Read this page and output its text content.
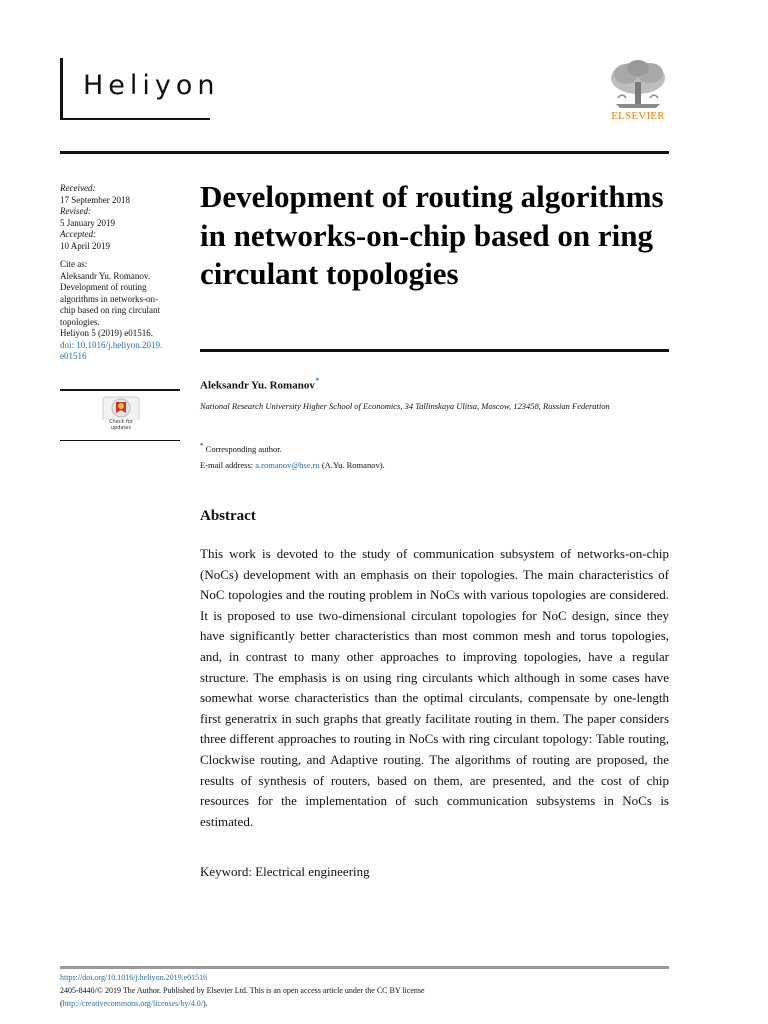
Heliyon
ELSEVIER
Received:
17 September 2018
Revised:
5 January 2019
Accepted:
10 April 2019
Cite as:
Aleksandr Yu. Romanov.
Development of routing
algorithms in networks-on-
chip based on ring circulant
topologies.
Heliyon 5 (2019) e01516.
doi: 10.1016/j.heliyon.2019.
e01516
Check for
updates
Development of routing algorithms in networks-on-chip based on ring circulant topologies
Aleksandr Yu. Romanov*
National Research University Higher School of Economics, 34 Tallinskaya Ulitsa, Moscow, 123458, Russian Federation
* Corresponding author.
E-mail address: a.romanov@hse.ru (A.Yu. Romanov).
Abstract
This work is devoted to the study of communication subsystem of networks-on-chip (NoCs) development with an emphasis on their topologies. The main characteristics of NoC topologies and the routing problem in NoCs with various topologies are considered. It is proposed to use two-dimensional circulant topologies for NoC design, since they have significantly better characteristics than most common mesh and torus topologies, and, in contrast to many other approaches to improving topologies, have a regular structure. The emphasis is on using ring circulants which although in some cases have somewhat worse characteristics than the optimal circulants, compensate by one-length first generatrix in such graphs that greatly facilitate routing in them. The paper considers three different approaches to routing in NoCs with ring circulant topology: Table routing, Clockwise routing, and Adaptive routing. The algorithms of routing are proposed, the results of synthesis of routers, based on them, are presented, and the cost of chip resources for the implementation of such communication subsystems in NoCs is estimated.
Keyword: Electrical engineering
https://doi.org/10.1016/j.heliyon.2019.e01516
2405-8440/© 2019 The Author. Published by Elsevier Ltd. This is an open access article under the CC BY license
(http://creativecommons.org/licenses/by/4.0/).
